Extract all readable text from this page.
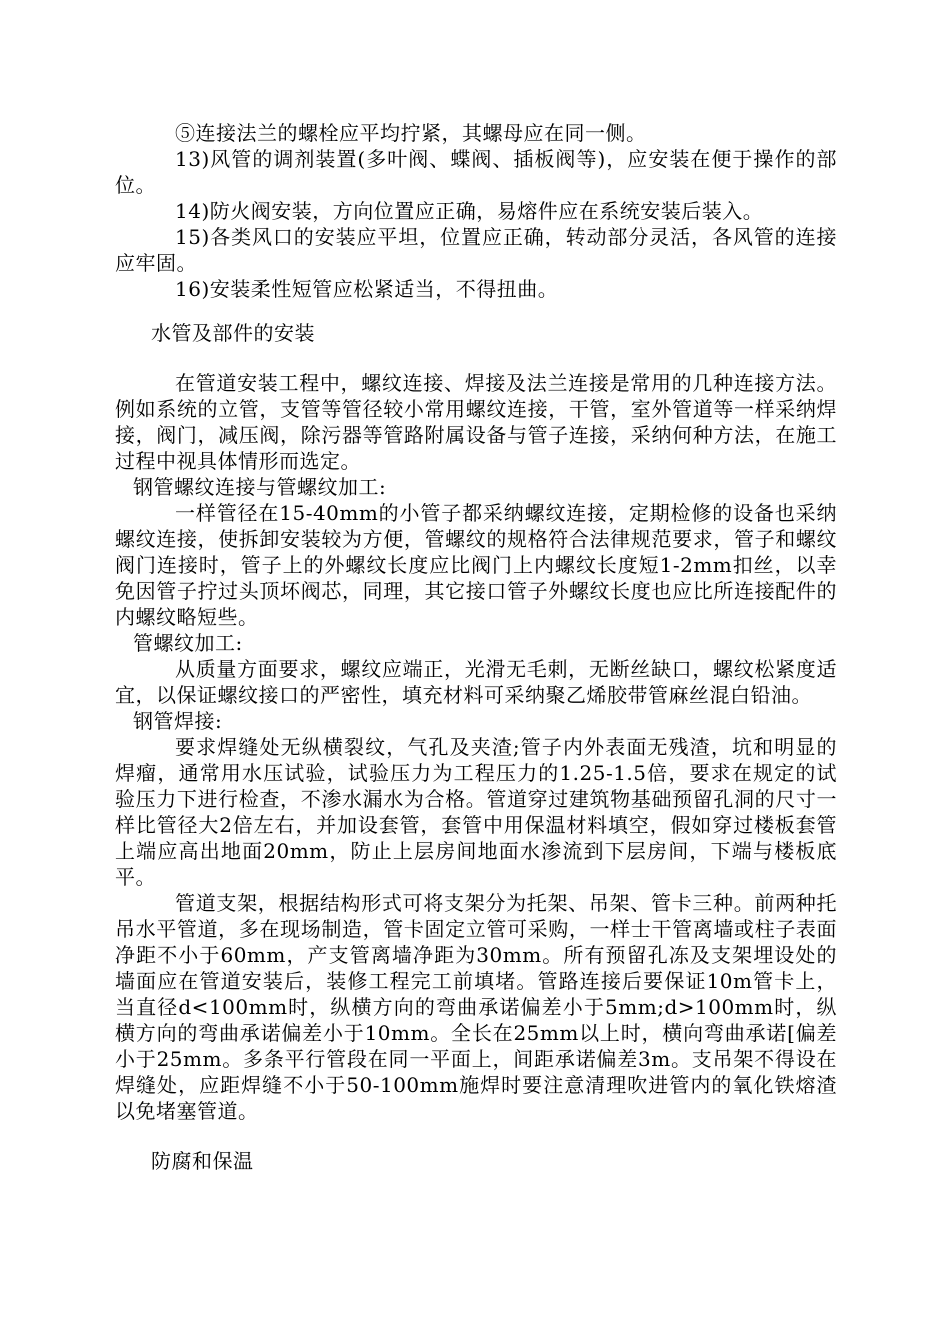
⑤连接法兰的螺栓应平均拧紧，其螺母应在同一侧。

13)风管的调剂装置(多叶阀、蝶阀、插板阀等)，应安装在便于操作的部位。

14)防火阀安装，方向位置应正确，易熔件应在系统安装后装入。

15)各类风口的安装应平坦，位置应正确，转动部分灵活，各风管的连接应牢固。

16)安装柔性短管应松紧适当，不得扭曲。

水管及部件的安装

在管道安装工程中，螺纹连接、焊接及法兰连接是常用的几种连接方法。例如系统的立管，支管等管径较小常用螺纹连接，干管，室外管道等一样采纳焊接，阀门，减压阀，除污器等管路附属设备与管子连接，采纳何种方法，在施工过程中视具体情形而选定。

钢管螺纹连接与管螺纹加工:

一样管径在15-40mm的小管子都采纳螺纹连接，定期检修的设备也采纳螺纹连接，使拆卸安装较为方便，管螺纹的规格符合法律规范要求，管子和螺纹阀门连接时，管子上的外螺纹长度应比阀门上内螺纹长度短1-2mm扣丝，以幸免因管子拧过头顶坏阀芯，同理，其它接口管子外螺纹长度也应比所连接配件的内螺纹略短些。

管螺纹加工:

从质量方面要求，螺纹应端正，光滑无毛刺，无断丝缺口，螺纹松紧度适宜，以保证螺纹接口的严密性，填充材料可采纳聚乙烯胶带管麻丝混白铅油。

钢管焊接:

要求焊缝处无纵横裂纹，气孔及夹渣;管子内外表面无残渣，坑和明显的焊瘤，通常用水压试验，试验压力为工程压力的1.25-1.5倍，要求在规定的试验压力下进行检查，不渗水漏水为合格。管道穿过建筑物基础预留孔洞的尺寸一样比管径大2倍左右，并加设套管，套管中用保温材料填空，假如穿过楼板套管上端应高出地面20mm，防止上层房间地面水渗流到下层房间，下端与楼板底平。

管道支架，根据结构形式可将支架分为托架、吊架、管卡三种。前两种托吊水平管道，多在现场制造，管卡固定立管可采购，一样士干管离墙或柱子表面净距不小于60mm，产支管离墙净距为30mm。所有预留孔冻及支架埋设处的墙面应在管道安装后，装修工程完工前填堵。管路连接后要保证10m管卡上，当直径d<100mm时，纵横方向的弯曲承诺偏差小于5mm;d>100mm时，纵横方向的弯曲承诺偏差小于10mm。全长在25mm以上时，横向弯曲承诺[偏差小于25mm。多条平行管段在同一平面上，间距承诺偏差3m。支吊架不得设在焊缝处，应距焊缝不小于50-100mm施焊时要注意清理吹进管内的氧化铁熔渣以免堵塞管道。

防腐和保温
